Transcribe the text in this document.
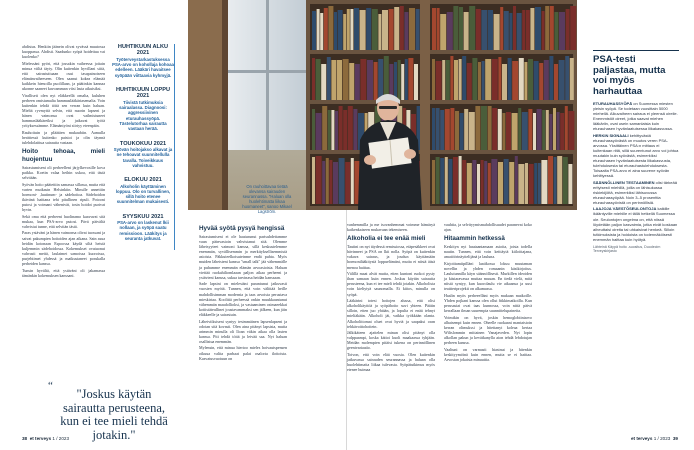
ahdistus. Henkiin jäänein olivat syvässä muutossa kuoppassa. Ahdisti. Saadunko syöpä hoidettua vai kuolenko?

Mielessäni pyöri, että jossakin vaiheessa joitain minua viiltä täyty. Olin kuitenkin hyvillani siitä, että sairastuttuaan osui tasapainoiseen elämänvaiheeseen. Olen saanut kokea elämää kaikkein hienoilla puolillaan, ja päätinkin kannaa ukonne saaneet kavoamman viisi lasta aikuisiksi.

Viralliseti olen nyt eläkkeellä omalta, kuluhen perheen omistamalta hammaslääkäriasemalta. Voin kuitenkin tehdä töitä sen verran kuin haluan. Mieltä ryvmyttä selvin, että nuorin lapseni ja hänen vaimonsa ovat vailmistuneet hammaslääkäreiksi ja jatkavat työtä yrityksessämme. Elämäntyöni siirtyy eteenpäin.

Rauhoituin ja pläätäen mukaubiin. Aamulla herättessä kuitenko paistoi ja olin täynnä tulehdolaittua sairautta vastaan.

Hoito tehoaa, mieli huojentuu

Sairastumiseni oli perheelleni järjylkevosille kova paikka. Koetin valaa heihin uskoa, että tästä selvitään.

Syövän hoito päätettiin samassa sillassa, mutta että varten mutkasin Helsinkiin. Minulle annettiin hormoni- ,luutinum- ja sädehoitoa. Sädehoidon ikävänä haittana tehi pitullinen ripuli. Potooni putosi ja voimani vähenivät, tosin hoidot purivat hyvin.

Sekä oma että perheeni huolinamo kaavuvat sitä mukaa, kun PSA-arvo putosi. Pävä päivältä vahvistui tunne, että selvitän tästä.

Paras ystäväni ja hänen vaimonsa olivat tuossani ja saivat pakumpien hoitoiden ajan aikana. Sain asua heidän kotonaan Espoossa käydä siltä heistä kuljemmin sädehoidossa. Kokemukset ovatuonut vahvasti meitä, laulaimet samoissa kuoroissa, purjehtimet yhdessä ja matkustaneet porukalla perheiden kanssa.

Tunsin hyvältä, että ystäväni oli jakamassa tämänkin kokemuksen kanssani.

HUHTIKUUN ALKU 2021
Työterveystarkastuksessa PSA-arvo on kohollaja kohoaa edelleen. Lääkäri havaitsee syöpään viittaavia kyhmyjä.
HUHTIKUUN LOPPU 2021
Tiivistä tutkimuksia sairaalassa. Diagnoosi: aggressiivinen eturauhassyöpä. Tästelutorhaa sairautta vastaan herää.
TOUKOKUU 2021
Syövän hoitojakso alkavat ja ne tehoavat suunnitellulla tavalla. Toiveikkuus vahvistuu.
ELOKUU 2021
Alkoholin käyttäminen loppuu. Olo on turvallinen, sillä hoito etenee suunnitelman mukaisesti.
SYYSKUU 2021
PSA-arvo on laskenut lkii nollaan, ja syöpä saatu remissioon. Lääkitys ja seuranta jatkuvat.
“
"Joskus käytän sairautta perusteena, kun ei tee mieli tehdä jotakin."
Hyvää syötä pysyä hengissä

Sairastumiseni ei ole haaturunut parisuhdettamme vaan päinvastoin vahvistanut sitä. Olemme läheisyyteet vaimoni kanssa, sillä keskustelemme enemmän, syvällisemmin ja merkityksellisemmistä asioista. Päkkuteelkoisuteinme endä puhta. Myös muiden läheisteni kanssa "small talk" jää vähemmälle ja puhumme enemmän elämän arvoasioista. Haluan viettää ruokahiliomlaaan paljon aikaa perheeni ja ystävieni kanssa, sukua tarvinasa heidän kanssaan.

Sade lapsini on mielestäni parantunut jatkuvasti vuosien myötä. Tunnen, että voin välittää heille mahdollisimman modernia ja taas arvoista perustava mieskirtaa. Koolitiä perheessä onkin muukkaantunut vähemmän maadollioksi, ja vastaaminen osimaeekkai kotiistäteullinet joustavammaksi sen jälkeen, kun jäin eläkkeelle ja sairastuin.

Läheiviiksiseni syntyy tesimmäinen lapsenlapseni ja odotan sitä kovasti. Olen aina pitänyt lapsista, mutta arimmin minulla oli lloan väkin aikaa olla lasten kanssa. Piti tehdä töitä ja leivää saa. Nyt haluan osallistua enemmän.

Mylensin, että minua hiertoo mieles hoivautspensen oikuua valita parhaat palat osalorta ilottoista. Kasvatusvuotuun on

38 et terveys 1 / 2023
On rauhoittavaa tietää olevansa sairauden seurannassa. "Haluan olla huolehtimatta liikaa huomaneet", sanoo Mikael Lagström.

vanhemmilla ja me isovanhemmat voimme hämäryä kaikenkaiseen mukavaan tekemiseen.

Alkoholia ei tee enää mieli

Tautini on nyt täydessä remissiossa, etäpesäkkeet ovat hävinneet ja PSA on lkii nolla. Syöpä on kuitenkin vakava sairaus, ja joudun käyttämään hormonilääkitystä loppuelämäni, mutta ei niistä ääsä menoa haittaa.

Välillä maat alvät mutta, etten kuntoni ruokoi pysty ihan samaan kuin ennen. Joskus käytän sairautta perusteena, kun ei tee mieli tehdä jotakin. Alkoholista voin kieltytyä saunomalla. Ei kiitos, minulla on syöpä.

Lääkärini totesi hoitojen alussa, että olisi alkoholikäyttöä ja syöpähoito suvi yhteen. Päätin silloin, etten juo yhtään, ja lopulta ei enää tehnyt mieliäkään. Alkoholi jäi, vaikka työkkään olanta. Alkoholittomat oluet ovat hyviä ja saapaksi oran tehkävoittohoitein.

Jälkikäteen ajattelen minun olisi pitänyt olla valppaampi, koska kättoi kuoli maakaassa tyhjään. Meidän molempien pitäisi tukena on perinnöllinen geenivariaatio.

Toivon, että voin elää vuosia. Olen kuitenkin jatkuvassa sairauden seurannassa ja haluan olla huolehtimatta liikaa tulevasta. Syöpätutkimus myös etenee huimaa

vauhtia, ja selvityymismahdollisuudet paranevat koko ajan.

Hitaammin hetkessä

Keskityn nyt hautaantamaan asioita, joista todella nautin. Tunnen, että voin keittäytä kiiloittajana, amatöörinäyttelijänä ja lauluna.

Kirjoittamiipilläni laatikossa lokuu muutaman novellin ja yhden romaanin käsikirjoitus. Laulutunnilla käyn säännöllisesti. Murkillen ideoiden ja käsiaravassa muttaa muuan. En tiedä vielä, mitä niistä syntyy, kun kuorolaulu vie aikaansa ja uusi teattteriprojekti on alkamassa.

Haalin myös perheeelläni myös mukaan matkoille. Yhden pojkani kanssa olen ollut fttkkimatkoilla. Kun perusasiat ovat taas kunnossa, voin nittä päivä kerrallaan ilman suurempia suunnittelupaineita.

Voimtkin on hyvä, joskin hemoglobiiniarvo alhaisempi kuin ennen. Oheelle ruokaani mantaistoin kerran olimukssi ja hitettanyt koleaa kertaa Wiltslommin mittainen Vanajaveden. Nyt lopin alkollan pakun ja kevätkanylla aion tehdä lebdotujan perheen kanssa.

Vaaltuni on varmasti hiastnut ja hitenkin keskityymöinä kuin ennen, mutta se ei haittaa. Arvostan jokaista minuuttia.

et terveys 1 / 2023 39
PSA-testi paljastaa, mutta voi myös harhauttaa

ETURAUHASSYÖPÄ on Suomessa miesten yleisin syöpä. Se todetaan vuosittain 5000 miehellä. Alkuvaiheen sairaus ei yleensä oireile. Enemmistöt oireet, jotka saavat miehen lääkäriin, ovat usein samanlaisia kuin eturauhasen hyvänlaatuisessa liikakasvussa.

HERKIN SIGNAALI kehittyvästä eturauhassyövästä on muutos veren PSA-arvossa. Yksittäinen PSA:n mittaus ei kuitenkaan riitä, sillä suurentunut arvo voi johtua muutakin kuin syövästä, esimerkiksi eturauhasen hyvänlaatuisesta liikakasvusta, tulehduksesta tai eturauhastulehduksesta. Toisaalta PSA-arvo ei aina suurene syövän kehittyessä.

SÄÄNNÖLLINEN TESTAAMINEN olisi tärkeää erityisesti miehillä, joilla on lähisukussa riskiekijöitä, esimerkiksi lähisuvussa eturauhassyöpää. Noin 3–5 prosenttia eturauhassyövistä on perinnöllisiä.

LAAJOJA VÄESTÖSEULONTOJA kaikille ikääntyville miehille ei tällä hetkellä Suomessa ole. Seulontojen ongelma on, että niissä löydetään paljon kasvaimia, jotka eivät koskaan aiheuttaisi oireita tai uhkaisivat henkeä. Silloin tutkimuksista ja hoidoista on todennäköisesti enemmän haittaa kuin hyötyä.

Lähteinä Käypä hoito -suositus, Duodecim Terveyskirjasto
